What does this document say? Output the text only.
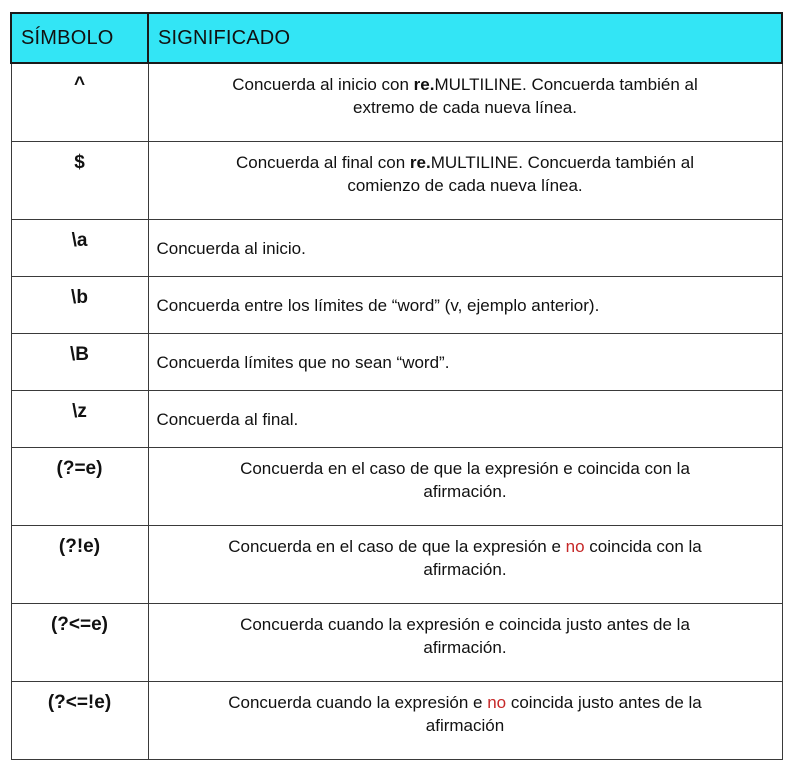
SÍMBOLO	SIGNIFICADO
^	Concuerda al inicio con re.MULTILINE. Concuerda también al
extremo de cada nueva línea.
$	Concuerda al final con re.MULTILINE. Concuerda también al
comienzo de cada nueva línea.
\a	Concuerda al inicio.
\b	Concuerda entre los límites de “word” (v, ejemplo anterior).
\B	Concuerda límites que no sean “word”.
\z	Concuerda al final.
(?=e)	Concuerda en el caso de que la expresión e coincida con la
afirmación.
(?!e)	Concuerda en el caso de que la expresión e no coincida con la
afirmación.
(?<=e)	Concuerda cuando la expresión e coincida justo antes de la
afirmación.
(?<=!e)	Concuerda cuando la expresión e no coincida justo antes de la
afirmación
